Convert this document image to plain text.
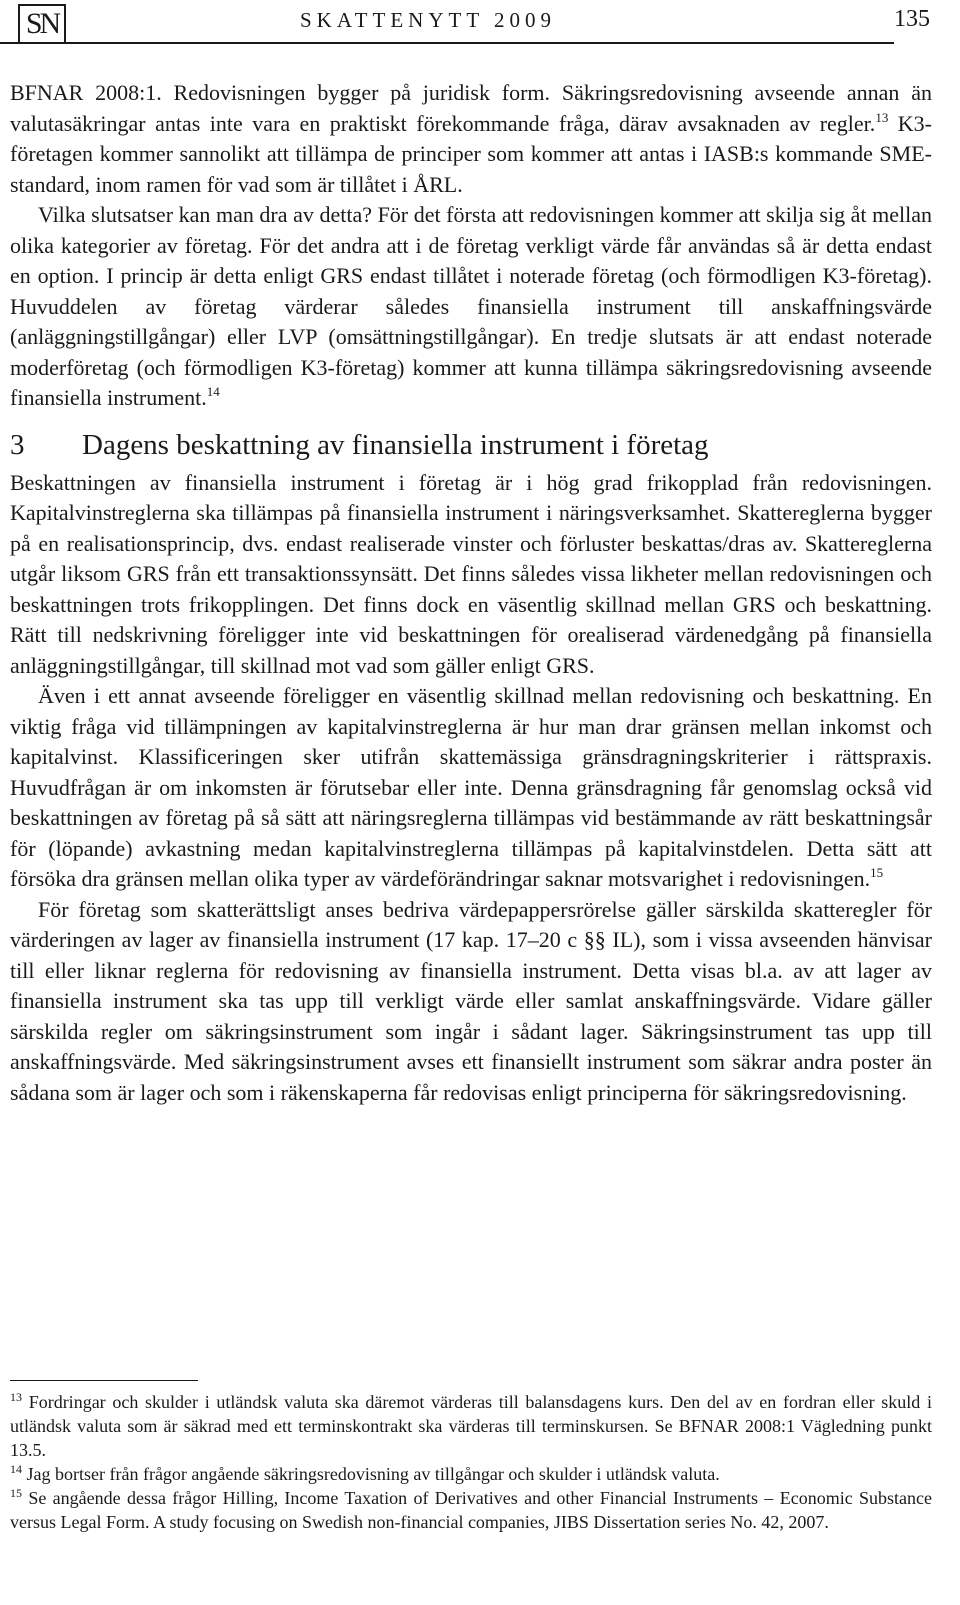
SN	SKATTENYTT 2009	135

BFNAR 2008:1. Redovisningen bygger på juridisk form. Säkringsredovisning avseende annan än valutasäkringar antas inte vara en praktiskt förekommande fråga, därav avsaknaden av regler.$^{13}$ K3-företagen kommer sannolikt att tillämpa de principer som kommer att antas i IASB:s kommande SME-standard, inom ramen för vad som är tillåtet i ÅRL.

Vilka slutsatser kan man dra av detta? För det första att redovisningen kommer att skilja sig åt mellan olika kategorier av företag. För det andra att i de företag verkligt värde får användas så är detta endast en option. I princip är detta enligt GRS endast tillåtet i noterade företag (och förmodligen K3-företag). Huvuddelen av företag värderar således finansiella instrument till anskaffningsvärde (anläggningstillgångar) eller LVP (omsättningstillgångar). En tredje slutsats är att endast noterade moderföretag (och förmodligen K3-företag) kommer att kunna tillämpa säkringsredovisning avseende finansiella instrument.$^{14}$

3	Dagens beskattning av finansiella instrument i företag

Beskattningen av finansiella instrument i företag är i hög grad frikopplad från redovisningen. Kapitalvinstreglerna ska tillämpas på finansiella instrument i näringsverksamhet. Skattereglerna bygger på en realisationsprincip, dvs. endast realiserade vinster och förluster beskattas/dras av. Skattereglerna utgår liksom GRS från ett transaktionssynsätt. Det finns således vissa likheter mellan redovisningen och beskattningen trots frikopplingen. Det finns dock en väsentlig skillnad mellan GRS och beskattning. Rätt till nedskrivning föreligger inte vid beskattningen för orealiserad värdenedgång på finansiella anläggningstillgångar, till skillnad mot vad som gäller enligt GRS.

Även i ett annat avseende föreligger en väsentlig skillnad mellan redovisning och beskattning. En viktig fråga vid tillämpningen av kapitalvinstreglerna är hur man drar gränsen mellan inkomst och kapitalvinst. Klassificeringen sker utifrån skattemässiga gränsdragningskriterier i rättspraxis. Huvudfrågan är om inkomsten är förutsebar eller inte. Denna gränsdragning får genomslag också vid beskattningen av företag på så sätt att näringsreglerna tillämpas vid bestämmande av rätt beskattningsår för (löpande) avkastning medan kapitalvinstreglerna tillämpas på kapitalvinstdelen. Detta sätt att försöka dra gränsen mellan olika typer av värdeförändringar saknar motsvarighet i redovisningen.$^{15}$

För företag som skatterättsligt anses bedriva värdepappersrörelse gäller särskilda skatteregler för värderingen av lager av finansiella instrument (17 kap. 17–20 c §§ IL), som i vissa avseenden hänvisar till eller liknar reglerna för redovisning av finansiella instrument. Detta visas bl.a. av att lager av finansiella instrument ska tas upp till verkligt värde eller samlat anskaffningsvärde. Vidare gäller särskilda regler om säkringsinstrument som ingår i sådant lager. Säkringsinstrument tas upp till anskaffningsvärde. Med säkringsinstrument avses ett finansiellt instrument som säkrar andra poster än sådana som är lager och som i räkenskaperna får redovisas enligt principerna för säkringsredovisning.

$^{13}$ Fordringar och skulder i utländsk valuta ska däremot värderas till balansdagens kurs. Den del av en fordran eller skuld i utländsk valuta som är säkrad med ett terminskontrakt ska värderas till terminskursen. Se BFNAR 2008:1 Vägledning punkt 13.5.

$^{14}$ Jag bortser från frågor angående säkringsredovisning av tillgångar och skulder i utländsk valuta.

$^{15}$ Se angående dessa frågor Hilling, Income Taxation of Derivatives and other Financial Instruments – Economic Substance versus Legal Form. A study focusing on Swedish non-financial companies, JIBS Dissertation series No. 42, 2007.
